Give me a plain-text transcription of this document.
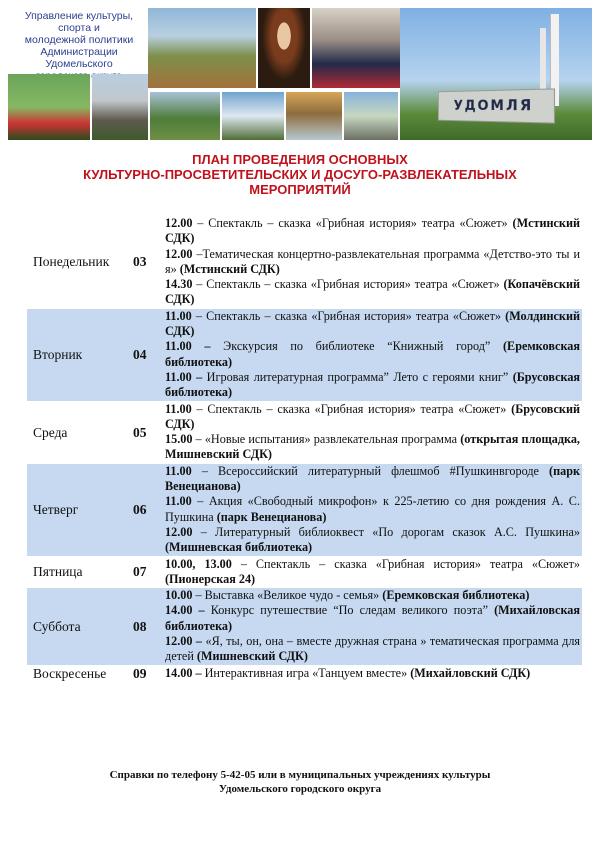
Управление культуры, спорта и
молодежной политики
Администрации Удомельского
УДОМЛЯ
ПЛАН ПРОВЕДЕНИЯ ОСНОВНЫХ
КУЛЬТУРНО-ПРОСВЕТИТЕЛЬСКИХ И ДОСУГО-РАЗВЛЕКАТЕЛЬНЫХ
МЕРОПРИЯТИЙ
Понедельник	03	12.00 – Спектакль – сказка «Грибная история» театра «Сюжет» (Мстинский СДК)

12.00 –Тематическая концертно-развлекательная программа «Детство-это ты и я» (Мстинский СДК)

14.30 – Спектакль – сказка «Грибная история» театра «Сюжет» (Копачёвский СДК)

Вторник	04	11.00 – Спектакль – сказка «Грибная история» театра «Сюжет» (Молдинский СДК)

11.00 – Экскурсия по библиотеке “Книжный город” (Еремковская библиотека)

11.00 – Игровая литературная программа” Лето с героями книг” (Брусовская библиотека)

Среда	05	11.00 – Спектакль – сказка «Грибная история» театра «Сюжет» (Брусовский СДК)

15.00 – «Новые испытания» развлекательная программа (открытая площадка, Мишневский СДК)

Четверг	06	11.00 – Всероссийский литературный флешмоб #Пушкинвгороде (парк Венецианова)

11.00 – Акция «Свободный микрофон» к 225-летию со дня рождения А. С. Пушкина (парк Венецианова)

12.00 – Литературный библиоквест «По дорогам сказок А.С. Пушкина» (Мишневская библиотека)

Пятница	07	10.00, 13.00 – Спектакль – сказка «Грибная история» театра «Сюжет» (Пионерская 24)

Суббота	08	10.00 – Выставка «Великое чудо - семья» (Еремковская библиотека)

14.00 – Конкурс путешествие “По следам великого поэта” (Михайловская библиотека)

12.00 – «Я, ты, он, она – вместе дружная страна » тематическая программа для детей (Мишневский СДК)

Воскресенье	09	14.00 – Интерактивная игра «Танцуем вместе» (Михайловский СДК)

Справки по телефону 5-42-05 или в муниципальных учреждениях культуры
Удомельского городского округа
